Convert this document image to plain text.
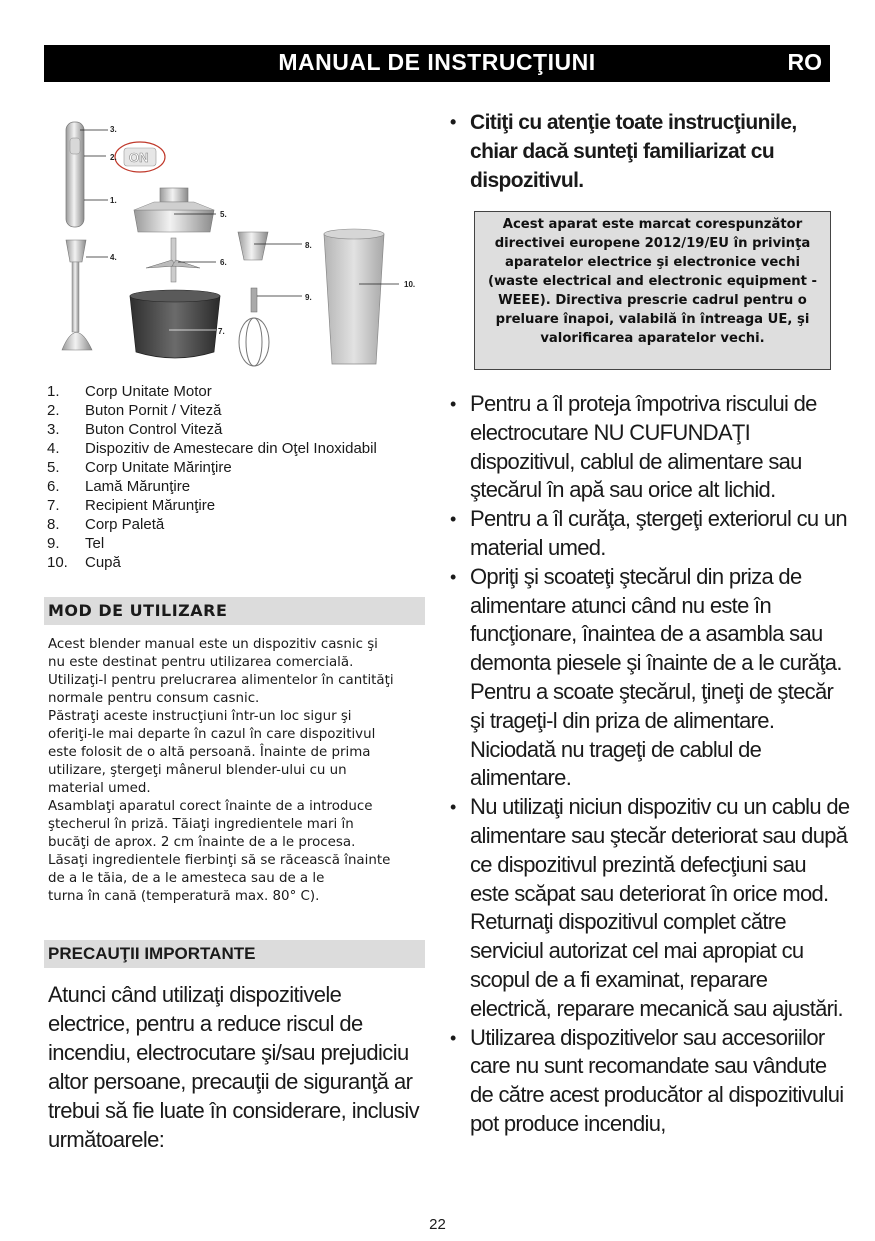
MANUAL DE INSTRUCŢIUNI	RO
ON
3.
2.
1.
4.
5.
6.
7.
8.
9.
10.
1.	Corp Unitate Motor
2.	Buton Pornit / Viteză
3.	Buton Control Viteză
4.	Dispozitiv de Amestecare din Oţel Inoxidabil
5.	Corp Unitate Mărinţire
6.	Lamă Mărunţire
7.	Recipient Mărunţire
8.	Corp Paletă
9.	Tel
10.	Cupă
MOD DE UTILIZARE
Acest blender manual este un dispozitiv casnic şi
nu este destinat pentru utilizarea comercială.
Utilizaţi-l pentru prelucrarea alimentelor în cantităţi
normale pentru consum casnic.
Păstraţi aceste instrucţiuni într-un loc sigur şi
oferiţi-le mai departe în cazul în care dispozitivul
este folosit de o altă persoană. Înainte de prima
utilizare, ştergeţi mânerul blender-ului cu un
material umed.
Asamblaţi aparatul corect înainte de a introduce
ştecherul în priză. Tăiaţi ingredientele mari în
bucăţi de aprox. 2 cm înainte de a le procesa.
Lăsaţi ingredientele fierbinţi să se răcească înainte
de a le tăia, de a le amesteca sau de a le
turna în cană (temperatură max. 80° C).
PRECAUŢII IMPORTANTE
Atunci când utilizaţi dispozitivele electrice, pentru a reduce riscul de incendiu, electrocutare şi/sau prejudiciu altor persoane, precauţii de siguranţă ar trebui să fie luate în considerare, inclusiv următoarele:
• Citiţi cu atenţie toate instrucţiunile, chiar dacă sunteţi familiarizat cu dispozitivul.
Acest aparat este marcat corespunzător directivei europene 2012/19/EU în privinţa aparatelor electrice şi electronice vechi (waste electrical and electronic equipment - WEEE). Directiva prescrie cadrul pentru o preluare înapoi, valabilă în întreaga UE, şi valorificarea aparatelor vechi.
• Pentru a îl proteja împotriva riscului de electrocutare NU CUFUNDAŢI dispozitivul, cablul de alimentare sau ştecărul în apă sau orice alt lichid.
• Pentru a îl curăţa, ştergeţi exteriorul cu un material umed.
• Opriţi şi scoateţi ştecărul din priza de alimentare atunci când nu este în funcţionare, înaintea de a asambla sau demonta piesele şi înainte de a le curăţa. Pentru a scoate ştecărul, ţineţi de ştecăr şi trageţi-l din priza de alimentare. Niciodată nu trageţi de cablul de alimentare.
• Nu utilizaţi niciun dispozitiv cu un cablu de alimentare sau ştecăr deteriorat sau după ce dispozitivul prezintă defecţiuni sau este scăpat sau deteriorat în orice mod. Returnaţi dispozitivul complet către serviciul autorizat cel mai apropiat cu scopul de a fi examinat, reparare electrică, reparare mecanică sau ajustări.
• Utilizarea dispozitivelor sau accesoriilor care nu sunt recomandate sau vândute de către acest producător al dispozitivului pot produce incendiu,
22
